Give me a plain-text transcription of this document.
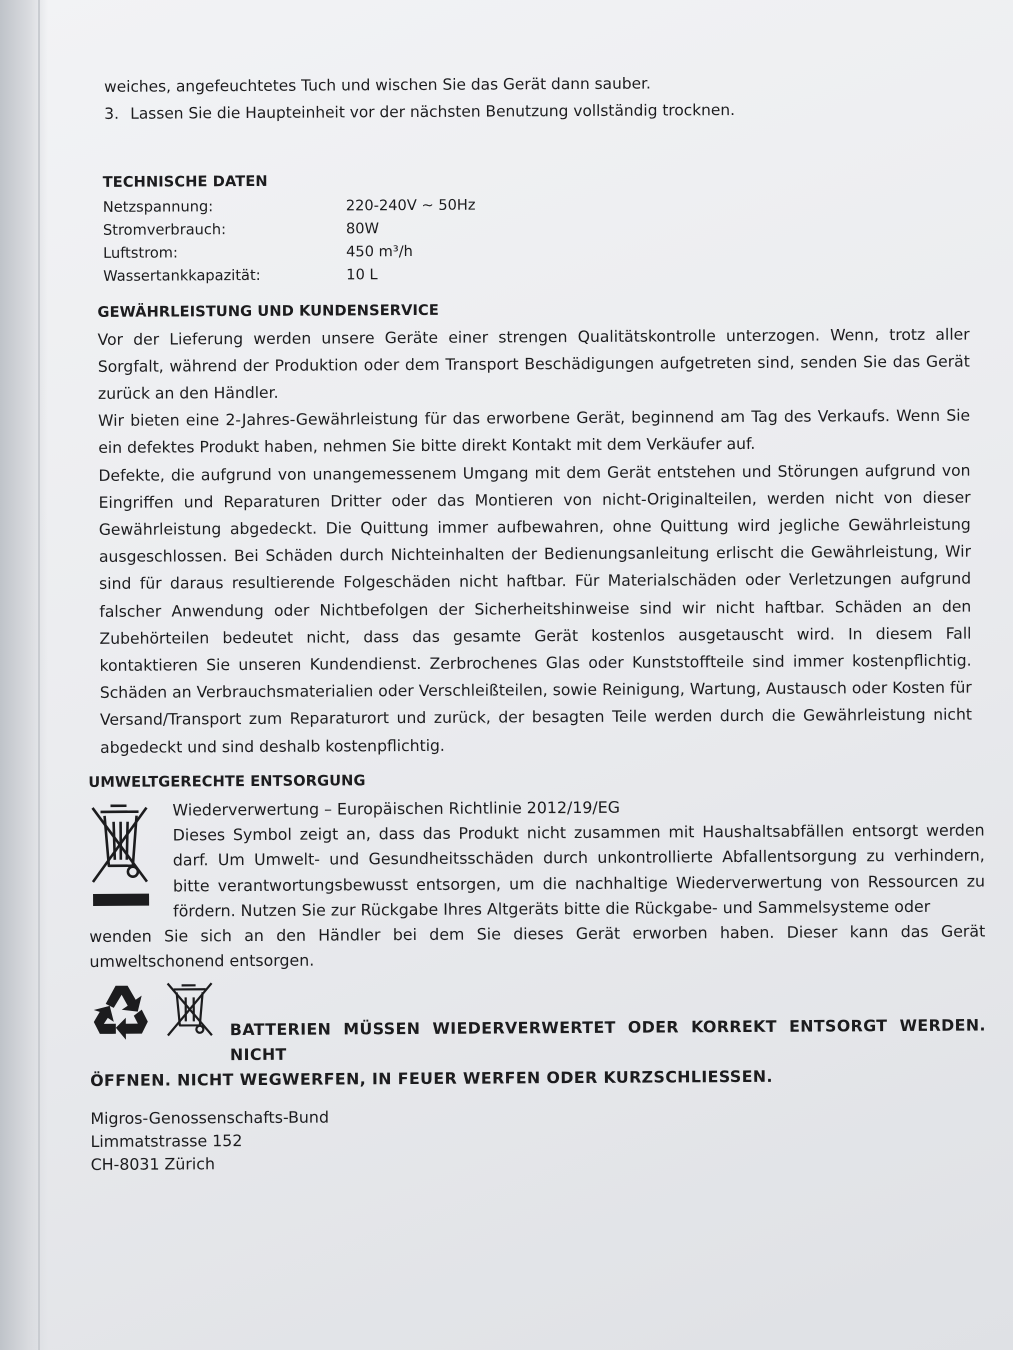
weiches, angefeuchtetes Tuch und wischen Sie das Gerät dann sauber.
3. Lassen Sie die Haupteinheit vor der nächsten Benutzung vollständig trocknen.
TECHNISCHE DATEN
Netzspannung:	220-240V ~ 50Hz
Stromverbrauch:	80W
Luftstrom:	450 m³/h
Wassertankkapazität:	10 L
GEWÄHRLEISTUNG UND KUNDENSERVICE

Vor der Lieferung werden unsere Geräte einer strengen Qualitätskontrolle unterzogen. Wenn, trotz aller Sorgfalt, während der Produktion oder dem Transport Beschädigungen aufgetreten sind, senden Sie das Gerät zurück an den Händler.

Wir bieten eine 2-Jahres-Gewährleistung für das erworbene Gerät, beginnend am Tag des Verkaufs. Wenn Sie ein defektes Produkt haben, nehmen Sie bitte direkt Kontakt mit dem Verkäufer auf.

Defekte, die aufgrund von unangemessenem Umgang mit dem Gerät entstehen und Störungen aufgrund von Eingriffen und Reparaturen Dritter oder das Montieren von nicht-Originalteilen, werden nicht von dieser Gewährleistung abgedeckt. Die Quittung immer aufbewahren, ohne Quittung wird jegliche Gewährleistung ausgeschlossen. Bei Schäden durch Nichteinhalten der Bedienungsanleitung erlischt die Gewährleistung, Wir sind für daraus resultierende Folgeschäden nicht haftbar. Für Materialschäden oder Verletzungen aufgrund falscher Anwendung oder Nichtbefolgen der Sicherheitshinweise sind wir nicht haftbar. Schäden an den Zubehörteilen bedeutet nicht, dass das gesamte Gerät kostenlos ausgetauscht wird. In diesem Fall kontaktieren Sie unseren Kundendienst. Zerbrochenes Glas oder Kunststoffteile sind immer kostenpflichtig. Schäden an Verbrauchsmaterialien oder Verschleißteilen, sowie Reinigung, Wartung, Austausch oder Kosten für Versand/Transport zum Reparaturort und zurück, der besagten Teile werden durch die Gewährleistung nicht abgedeckt und sind deshalb kostenpflichtig.

UMWELTGERECHTE ENTSORGUNG
Wiederverwertung – Europäischen Richtlinie 2012/19/EG
Dieses Symbol zeigt an, dass das Produkt nicht zusammen mit Haushaltsabfällen entsorgt werden darf. Um Umwelt- und Gesundheitsschäden durch unkontrollierte Abfallentsorgung zu verhindern, bitte verantwortungsbewusst entsorgen, um die nachhaltige Wiederverwertung von Ressourcen zu fördern. Nutzen Sie zur Rückgabe Ihres Altgeräts bitte die Rückgabe- und Sammelsysteme oder
wenden Sie sich an den Händler bei dem Sie dieses Gerät erworben haben. Dieser kann das Gerät umweltschonend entsorgen.
BATTERIEN MÜSSEN WIEDERVERWERTET ODER KORREKT ENTSORGT WERDEN. NICHT
ÖFFNEN. NICHT WEGWERFEN, IN FEUER WERFEN ODER KURZSCHLIESSEN.
Migros-Genossenschafts-Bund
Limmatstrasse 152
CH-8031 Zürich
